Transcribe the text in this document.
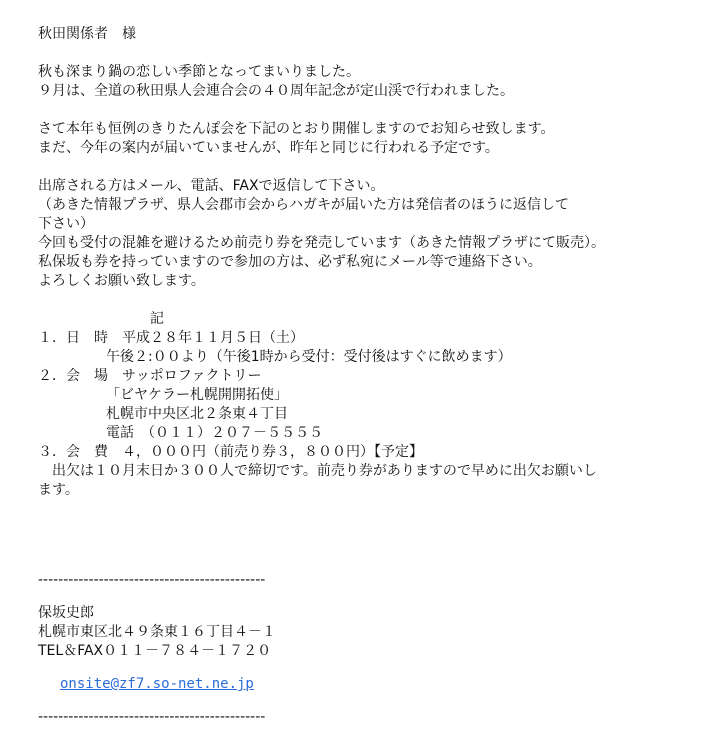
秋田関係者　様

秋も深まり鍋の恋しい季節となってまいりました。

９月は、全道の秋田県人会連合会の４０周年記念が定山渓で行われました。

さて本年も恒例のきりたんぽ会を下記のとおり開催しますのでお知らせ致します。

まだ、今年の案内が届いていませんが、昨年と同じに行われる予定です。

出席される方はメール、電話、FAXで返信して下さい。

（あきた情報プラザ、県人会郡市会からハガキが届いた方は発信者のほうに返信して

下さい）

今回も受付の混雑を避けるため前売り券を発売しています（あきた情報プラザにて販売）。

私保坂も券を持っていますので参加の方は、必ず私宛にメール等で連絡下さい。

よろしくお願い致します。

記

１．日　時　平成２８年１１月５日（土）

午後２:００より（午後1時から受付：受付後はすぐに飲めます）

２．会　場　サッポロファクトリー

「ビヤケラー札幌開開拓使」

札幌市中央区北２条東４丁目

電話　（０１１）２０７－５５５５

３．会　費　４，０００円（前売り券３，８００円）【予定】

　出欠は１０月末日か３００人で締切です。前売り券がありますので早めに出欠お願いし

ます。

---------------------------------------------

保坂史郎

札幌市東区北４９条東１６丁目４－１

TEL＆FAX０１１－７８４－１７２０

onsite@zf7.so-net.ne.jp

---------------------------------------------
